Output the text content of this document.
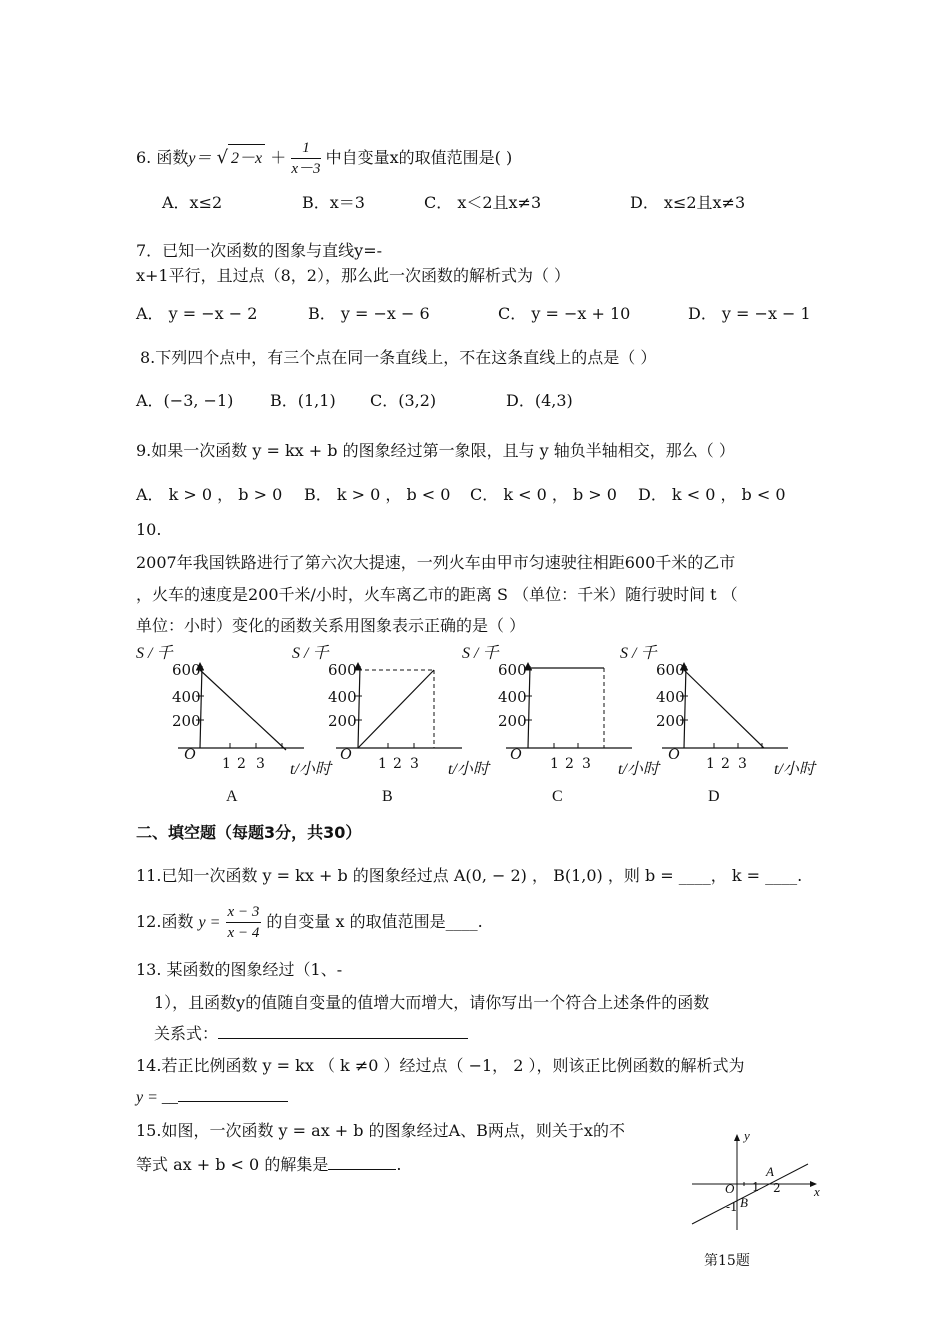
6. 函数y＝ √ $2-x + \frac{1}{x-3}$ 中自变量x的取值范围是( )
A．x≤2	B．x＝3	C． x＜2且x≠3	D． x≤2且x≠3
7．已知一次函数的图象与直线y=-
x+1平行，且过点（8，2），那么此一次函数的解析式为（ ）
A． y = −x − 2	B． y = −x − 6	C． y = −x + 10	D． y = −x − 1
8.下列四个点中，有三个点在同一条直线上，不在这条直线上的点是（ ）
A．(−3, −1) B．(1,1) C．(3,2)	D．(4,3)
9.如果一次函数 y = kx + b 的图象经过第一象限，且与 y 轴负半轴相交，那么（ ）
A． k > 0 ， b > 0 B． k > 0 ， b < 0 C． k < 0 ， b > 0 D． k < 0 ， b < 0
10.
2007年我国铁路进行了第六次大提速，一列火车由甲市匀速驶往相距600千米的乙市
，火车的速度是200千米/小时，火车离乙市的距离 S （单位：千米）随行驶时间 t （
单位：小时）变化的函数关系用图象表示正确的是（ ）
S / 千	S / 千	S / 千	S / 千
600
400
200
600
400
200
600
400
200
600
400
200
O	O	O	O
1 2 3	1 2 3	1 2 3	1 2 3
t/小时	t/小时	t/小时	t/小时
A	B	C	D
二、填空题（每题3分，共30）
11.已知一次函数 y = kx + b 的图象经过点 A(0, − 2) ， B(1,0) ，则 b = ____， k = ____.
12.函数 $y = \frac{x - 3}{x - 4}$ 的自变量 x 的取值范围是____.
13. 某函数的图象经过（1、-
1），且函数y的值随自变量的值增大而增大，请你写出一个符合上述条件的函数
关系式：
14.若正比例函数 y = kx （ k ≠0 ）经过点（ −1， 2 ），则该正比例函数的解析式为
y = __
15.如图，一次函数 y = ax + b 的图象经过A、B两点，则关于x的不
等式 ax + b < 0 的解集是	.
y
x
O
A
B
1 2
-1
第15题
